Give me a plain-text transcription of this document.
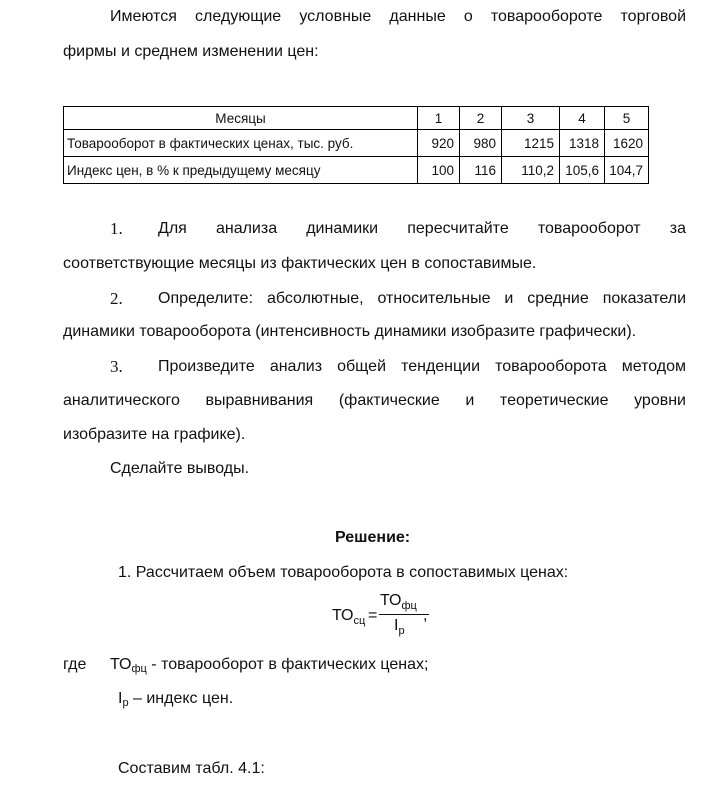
Имеются следующие условные данные о товарообороте торговой
фирмы и среднем изменении цен:
Месяцы	1	2	3	4	5
Товарооборот в фактических ценах, тыс. руб.	920	980	1215	1318	1620
Индекс цен, в % к предыдущему месяцу	100	116	110,2	105,6	104,7
1. Для анализа динамики пересчитайте товарооборот за
соответствующие месяцы из фактических цен в сопоставимые.
2. Определите: абсолютные, относительные и средние показатели
динамики товарооборота (интенсивность динамики изобразите графически).
3. Произведите анализ общей тенденции товарооборота методом
аналитического выравнивания (фактические и теоретические уровни
изобразите на графике).
Сделайте выводы.
Решение:
1. Рассчитаем объем товарооборота в сопоставимых ценах:
$ТО_{сц}$ =
$ТО_{фц}$
$I_р$
,
где ТОфц - товарооборот в фактических ценах;
Iр – индекс цен.
Составим табл. 4.1:
